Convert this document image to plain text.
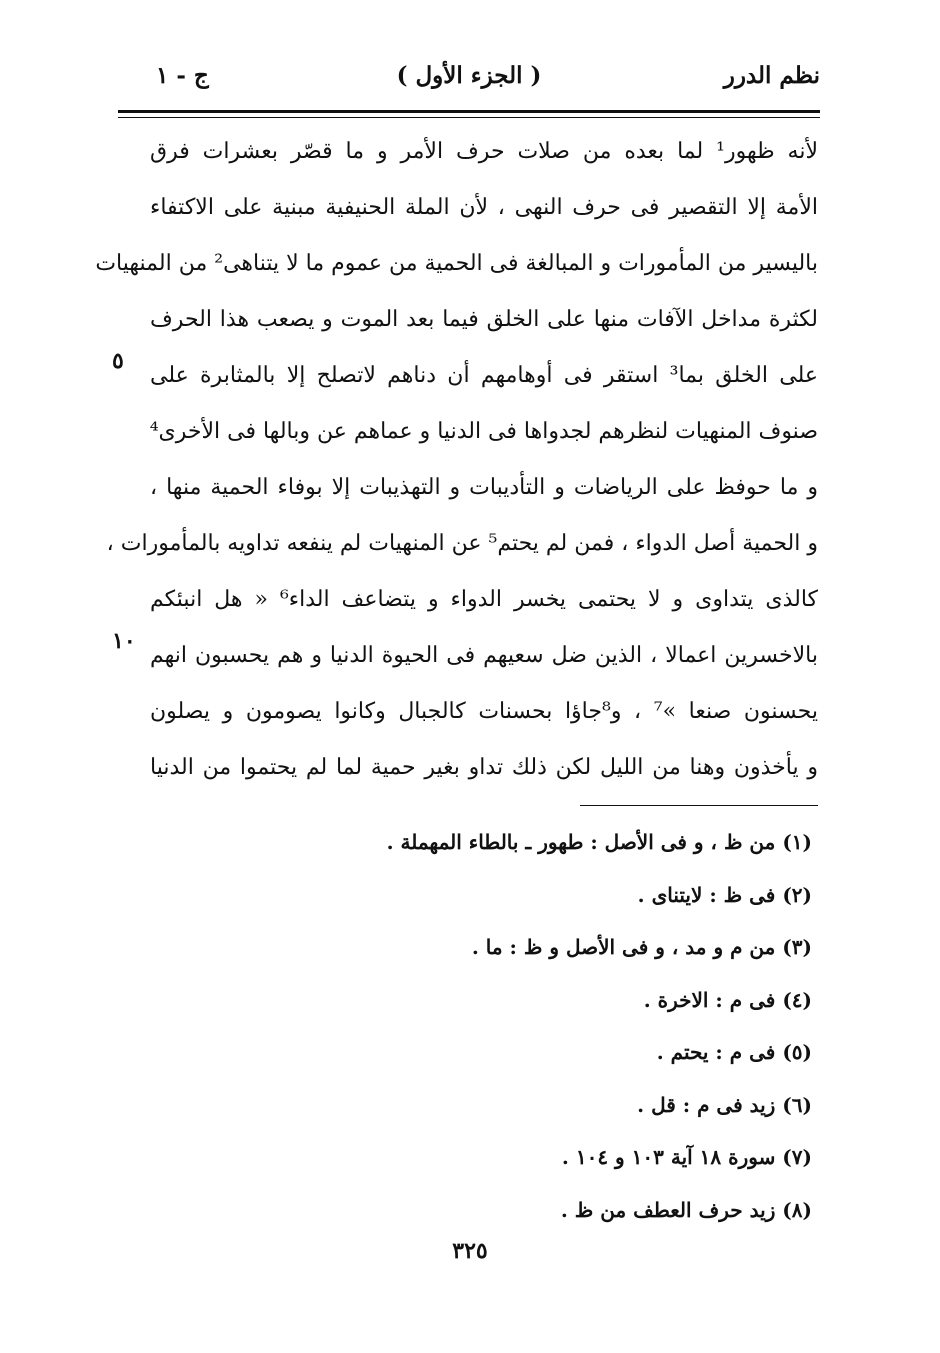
نظم الدرر
( الجزء الأول )
ج - ١
لأنه ظهور¹ لما بعده من صلات حرف الأمر و ما قصّر بعشرات فرق
الأمة إلا التقصير فى حرف النهى ، لأن الملة الحنيفية مبنية على الاكتفاء
باليسير من المأمورات و المبالغة فى الحمية من عموم ما لا يتناهى² من المنهيات
لكثرة مداخل الآفات منها على الخلق فيما بعد الموت و يصعب هذا الحرف
على الخلق بما³ استقر فى أوهامهم أن دناهم لاتصلح إلا بالمثابرة على
٥
صنوف المنهيات لنظرهم لجدواها فى الدنيا و عماهم عن وبالها فى الأخرى⁴
و ما حوفظ على الرياضات و التأديبات و التهذيبات إلا بوفاء الحمية منها ،
و الحمية أصل الدواء ، فمن لم يحتم⁵ عن المنهيات لم ينفعه تداويه بالمأمورات ،
كالذى يتداوى و لا يحتمى يخسر الدواء و يتضاعف الداء⁶ « هل انبئكم
بالاخسرين اعمالا ، الذين ضل سعيهم فى الحيوة الدنيا و هم يحسبون انهم
١٠
يحسنون صنعا »⁷ ، و⁸جاؤا بحسنات كالجبال وكانوا يصومون و يصلون
و يأخذون وهنا من الليل لكن ذلك تداو بغير حمية لما لم يحتموا من الدنيا
(١) من ظ ، و فى الأصل : طهور ـ بالطاء المهملة .
(٢) فى ظ : لايتناى .
(٣) من م و مد ، و فى الأصل و ظ : ما .
(٤) فى م : الاخرة .
(٥) فى م : يحتم .
(٦) زيد فى م : قل .
(٧) سورة ١٨ آية ١٠٣ و ١٠٤ .
(٨) زيد حرف العطف من ظ .
٣٢٥
